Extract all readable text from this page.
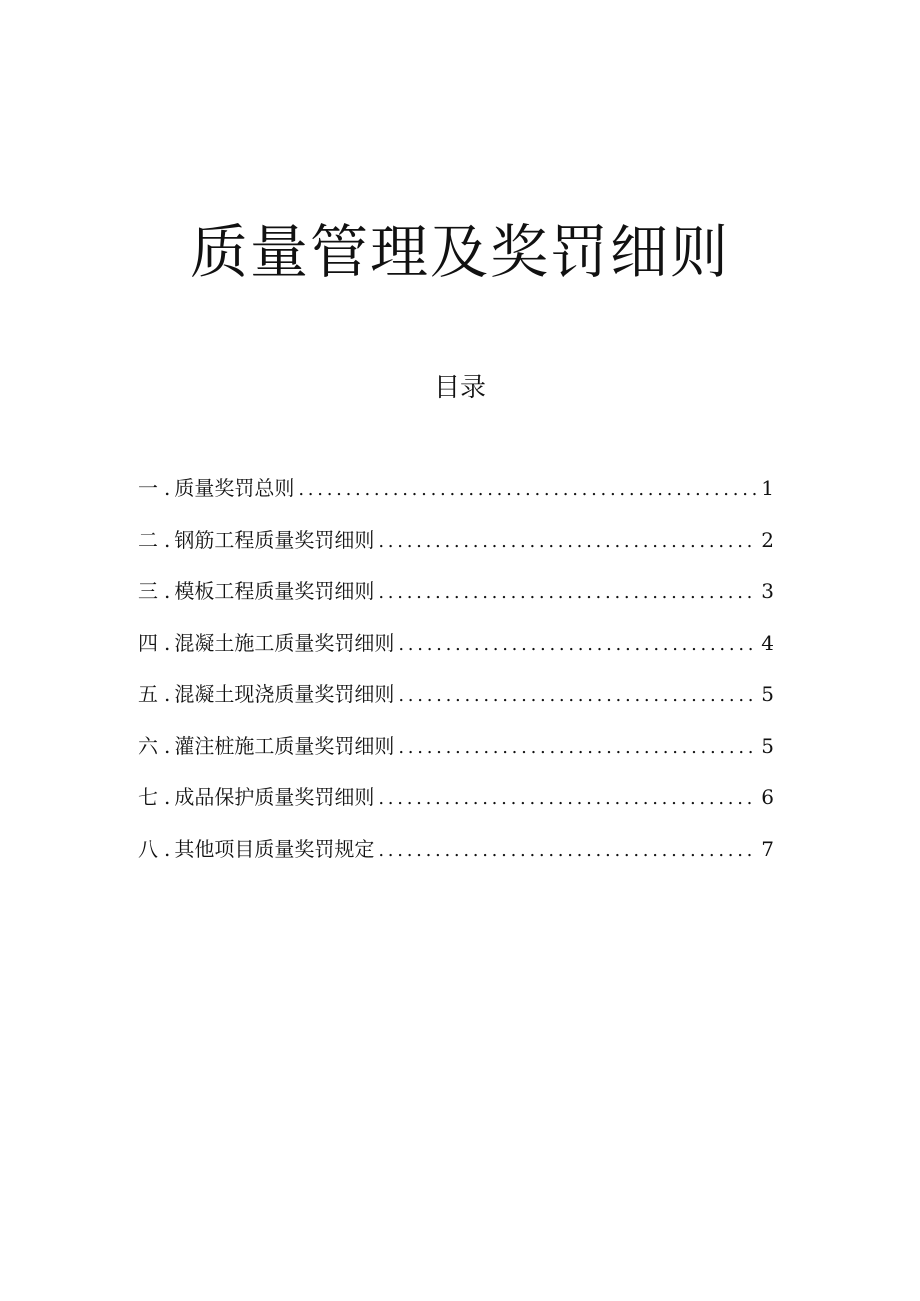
质量管理及奖罚细则
目录
一 . 质量奖罚总则 . . .	1
二 . 钢筋工程质量奖罚细则 . . .	2
三 . 模板工程质量奖罚细则 . . .	3
四 . 混凝土施工质量奖罚细则 . . .	4
五 . 混凝土现浇质量奖罚细则 . . .	5
六 . 灌注桩施工质量奖罚细则 . . .	5
七 . 成品保护质量奖罚细则 . . .	6
八 . 其他项目质量奖罚规定 . . .	7
